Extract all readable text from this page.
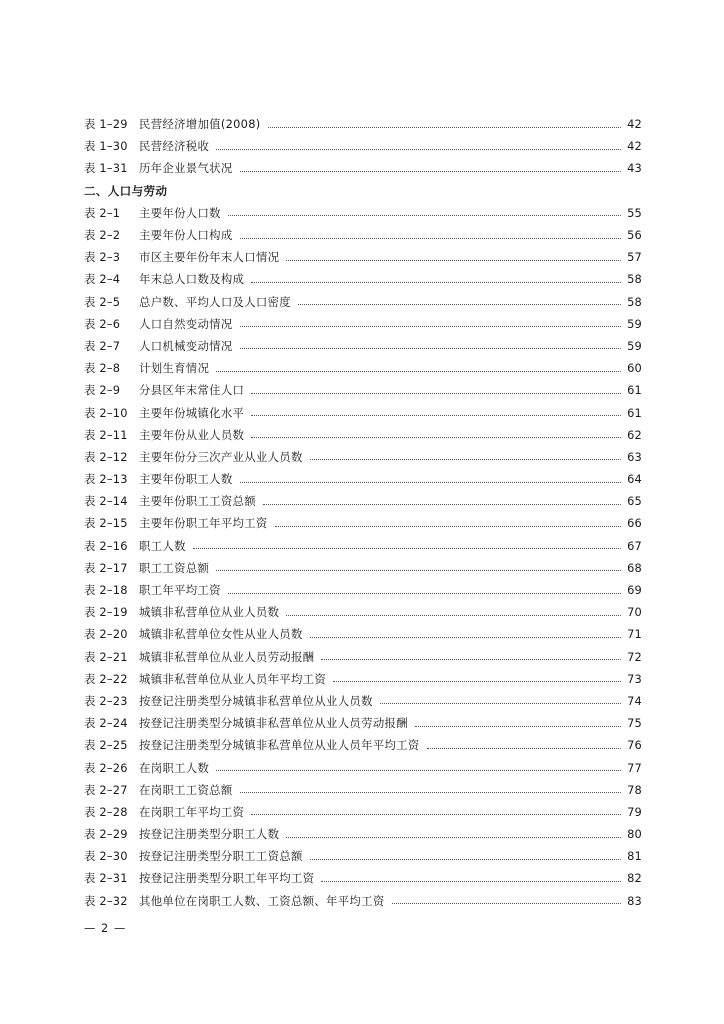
表 1–29 民营经济增加值(2008)	42
表 1–30 民营经济税收	42
表 1–31 历年企业景气状况	43
二、人口与劳动
表 2–1	主要年份人口数	55
表 2–2	主要年份人口构成	56
表 2–3	市区主要年份年末人口情况	57
表 2–4	年末总人口数及构成	58
表 2–5	总户数、平均人口及人口密度	58
表 2–6	人口自然变动情况	59
表 2–7	人口机械变动情况	59
表 2–8	计划生育情况	60
表 2–9	分县区年末常住人口	61
表 2–10 主要年份城镇化水平	61
表 2–11 主要年份从业人员数	62
表 2–12 主要年份分三次产业从业人员数	63
表 2–13 主要年份职工人数	64
表 2–14 主要年份职工工资总额	65
表 2–15 主要年份职工年平均工资	66
表 2–16 职工人数	67
表 2–17 职工工资总额	68
表 2–18 职工年平均工资	69
表 2–19 城镇非私营单位从业人员数	70
表 2–20 城镇非私营单位女性从业人员数	71
表 2–21 城镇非私营单位从业人员劳动报酬	72
表 2–22 城镇非私营单位从业人员年平均工资	73
表 2–23 按登记注册类型分城镇非私营单位从业人员数	74
表 2–24 按登记注册类型分城镇非私营单位从业人员劳动报酬	75
表 2–25 按登记注册类型分城镇非私营单位从业人员年平均工资	76
表 2–26 在岗职工人数	77
表 2–27 在岗职工工资总额	78
表 2–28 在岗职工年平均工资	79
表 2–29 按登记注册类型分职工人数	80
表 2–30 按登记注册类型分职工工资总额	81
表 2–31 按登记注册类型分职工年平均工资	82
表 2–32 其他单位在岗职工人数、工资总额、年平均工资	83
— 2 —
